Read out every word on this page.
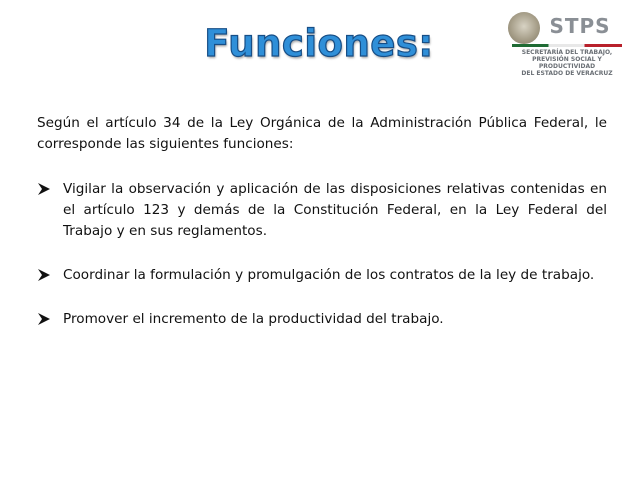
Funciones:	STPS
SECRETARÍA DEL TRABAJO,
PREVISIÓN SOCIAL Y PRODUCTIVIDAD
DEL ESTADO DE VERACRUZ

Según el artículo 34 de la Ley Orgánica de la Administración Pública Federal, le corresponde las siguientes funciones:

Vigilar la observación y aplicación de las disposiciones relativas contenidas en el artículo 123 y demás de la Constitución Federal, en la Ley Federal del Trabajo y en sus reglamentos.
Coordinar la formulación y promulgación de los contratos de la ley de trabajo.
Promover el incremento de la productividad del trabajo.
